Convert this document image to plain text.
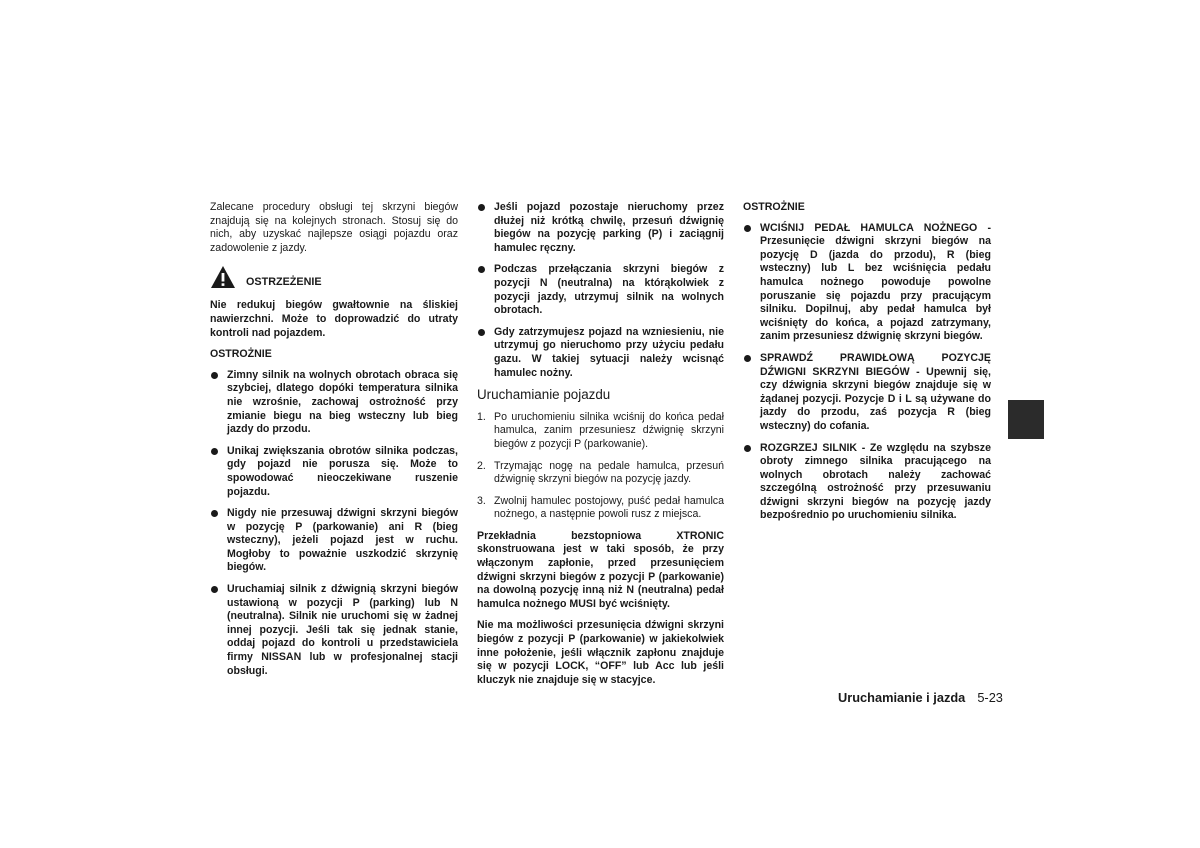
Zalecane procedury obsługi tej skrzyni biegów znajdują się na kolejnych stronach. Stosuj się do nich, aby uzyskać najlepsze osiągi pojazdu oraz zadowolenie z jazdy.

OSTRZEŻENIE

Nie redukuj biegów gwałtownie na śliskiej nawierzchni. Może to doprowadzić do utraty kontroli nad pojazdem.

OSTROŻNIE
Zimny silnik na wolnych obrotach obraca się szybciej, dlatego dopóki temperatura silnika nie wzrośnie, zachowaj ostrożność przy zmianie biegu na bieg wsteczny lub bieg jazdy do przodu.
Unikaj zwiększania obrotów silnika podczas, gdy pojazd nie porusza się. Może to spowodować nieoczekiwane ruszenie pojazdu.
Nigdy nie przesuwaj dźwigni skrzyni biegów w pozycję P (parkowanie) ani R (bieg wsteczny), jeżeli pojazd jest w ruchu. Mogłoby to poważnie uszkodzić skrzynię biegów.
Uruchamiaj silnik z dźwignią skrzyni biegów ustawioną w pozycji P (parking) lub N (neutralna). Silnik nie uruchomi się w żadnej innej pozycji. Jeśli tak się jednak stanie, oddaj pojazd do kontroli u przedstawiciela firmy NISSAN lub w profesjonalnej stacji obsługi.
Jeśli pojazd pozostaje nieruchomy przez dłużej niż krótką chwilę, przesuń dźwignię biegów na pozycję parking (P) i zaciągnij hamulec ręczny.
Podczas przełączania skrzyni biegów z pozycji N (neutralna) na którąkolwiek z pozycji jazdy, utrzymuj silnik na wolnych obrotach.
Gdy zatrzymujesz pojazd na wzniesieniu, nie utrzymuj go nieruchomo przy użyciu pedału gazu. W takiej sytuacji należy wcisnąć hamulec nożny.
Uruchamianie pojazdu
1. Po uruchomieniu silnika wciśnij do końca pedał hamulca, zanim przesuniesz dźwignię skrzyni biegów z pozycji P (parkowanie).
2. Trzymając nogę na pedale hamulca, przesuń dźwignię skrzyni biegów na pozycję jazdy.
3. Zwolnij hamulec postojowy, puść pedał hamulca nożnego, a następnie powoli rusz z miejsca.

Przekładnia bezstopniowa XTRONIC skonstruowana jest w taki sposób, że przy włączonym zapłonie, przed przesunięciem dźwigni skrzyni biegów z pozycji P (parkowanie) na dowolną pozycję inną niż N (neutralna) pedał hamulca nożnego MUSI być wciśnięty.

Nie ma możliwości przesunięcia dźwigni skrzyni biegów z pozycji P (parkowanie) w jakiekolwiek inne położenie, jeśli włącznik zapłonu znajduje się w pozycji LOCK, “OFF” lub Acc lub jeśli kluczyk nie znajduje się w stacyjce.

OSTROŻNIE
WCIŚNIJ PEDAŁ HAMULCA NOŻNEGO - Przesunięcie dźwigni skrzyni biegów na pozycję D (jazda do przodu), R (bieg wsteczny) lub L bez wciśnięcia pedału hamulca nożnego powoduje powolne poruszanie się pojazdu przy pracującym silniku. Dopilnuj, aby pedał hamulca był wciśnięty do końca, a pojazd zatrzymany, zanim przesuniesz dźwignię skrzyni biegów.
SPRAWDŹ PRAWIDŁOWĄ POZYCJĘ DŹWIGNI SKRZYNI BIEGÓW - Upewnij się, czy dźwignia skrzyni biegów znajduje się w żądanej pozycji. Pozycje D i L są używane do jazdy do przodu, zaś pozycja R (bieg wsteczny) do cofania.
ROZGRZEJ SILNIK - Ze względu na szybsze obroty zimnego silnika pracującego na wolnych obrotach należy zachować szczególną ostrożność przy przesuwaniu dźwigni skrzyni biegów na pozycję jazdy bezpośrednio po uruchomieniu silnika.
Uruchamianie i jazda 5-23
